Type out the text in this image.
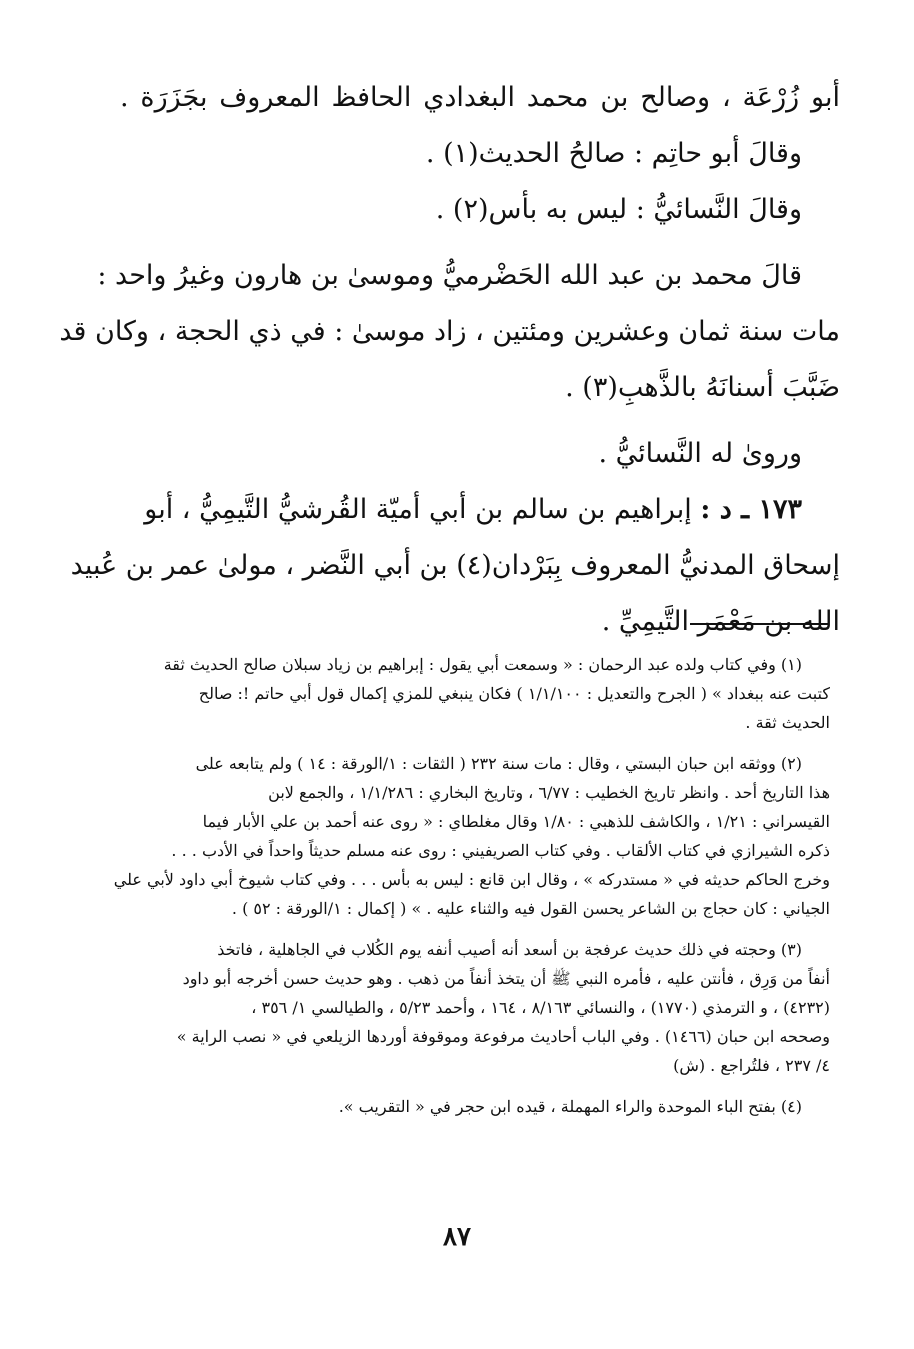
أبو زُرْعَة ، وصالح بن محمد البغدادي الحافظ المعروف بجَزَرَة .
وقالَ أبو حاتِم : صالحُ الحديث(١) .
وقالَ النَّسائيُّ : ليس به بأس(٢) .
قالَ محمد بن عبد الله الحَضْرميُّ وموسىٰ بن هارون وغيرُ واحد :
مات سنة ثمان وعشرين ومئتين ، زاد موسىٰ : في ذي الحجة ، وكان قد
ضَبَّبَ أسنانَهُ بالذَّهبِ(٣) .
ورویٰ له النَّسائيُّ .
١٧٣ ـ د : إبراهيم بن سالم بن أبي أميّة القُرشيُّ التَّيمِيُّ ، أبو
إسحاق المدنيُّ المعروف بِبَرْدان(٤) بن أبي النَّضر ، مولىٰ عمر بن عُبيد
الله بن مَعْمَر التَّيمِيِّ .
(١) وفي كتاب ولده عبد الرحمان : « وسمعت أبي يقول : إبراهيم بن زياد سبلان صالح الحديث ثقة
كتبت عنه ببغداد » ( الجرح والتعديل : ١/١/١٠٠ ) فكان ينبغي للمزي إكمال قول أبي حاتم !: صالح
الحديث ثقة .
(٢) ووثقه ابن حبان البستي ، وقال : مات سنة ٢٣٢ ( الثقات : ١/الورقة : ١٤ ) ولم يتابعه على
هذا التاريخ أحد . وانظر تاريخ الخطيب : ٦/٧٧ ، وتاريخ البخاري : ١/١/٢٨٦ ، والجمع لابن
القيسراني : ١/٢١ ، والكاشف للذهبي : ١/٨٠ وقال مغلطاي : « روى عنه أحمد بن علي الأبار فيما
ذكره الشيرازي في كتاب الألقاب . وفي كتاب الصريفيني : روى عنه مسلم حديثاً واحداً في الأدب . . .
وخرج الحاكم حديثه في « مستدركه » ، وقال ابن قانع : ليس به بأس . . . وفي كتاب شيوخ أبي داود لأبي علي
الجياني : كان حجاج بن الشاعر يحسن القول فيه والثناء عليه . » ( إكمال : ١/الورقة : ٥٢ ) .
(٣) وحجته في ذلك حديث عرفجة بن أسعد أنه أصيب أنفه يوم الكُلاب في الجاهلية ، فاتخذ
أنفاً من وَرِق ، فأنتن عليه ، فأمره النبي ﷺ أن يتخذ أنفاً من ذهب . وهو حديث حسن أخرجه أبو داود
(٤٢٣٢) ، و الترمذي (١٧٧٠) ، والنسائي ٨/١٦٣ ، ١٦٤ ، وأحمد ٥/٢٣ ، والطيالسي ١/ ٣٥٦ ،
وصححه ابن حبان (١٤٦٦) . وفي الباب أحاديث مرفوعة وموقوفة أوردها الزيلعي في « نصب الراية »
٤/ ٢٣٧ ، فلتُراجع . (ش)
(٤) بفتح الباء الموحدة والراء المهملة ، قيده ابن حجر في « التقريب ».
٨٧
